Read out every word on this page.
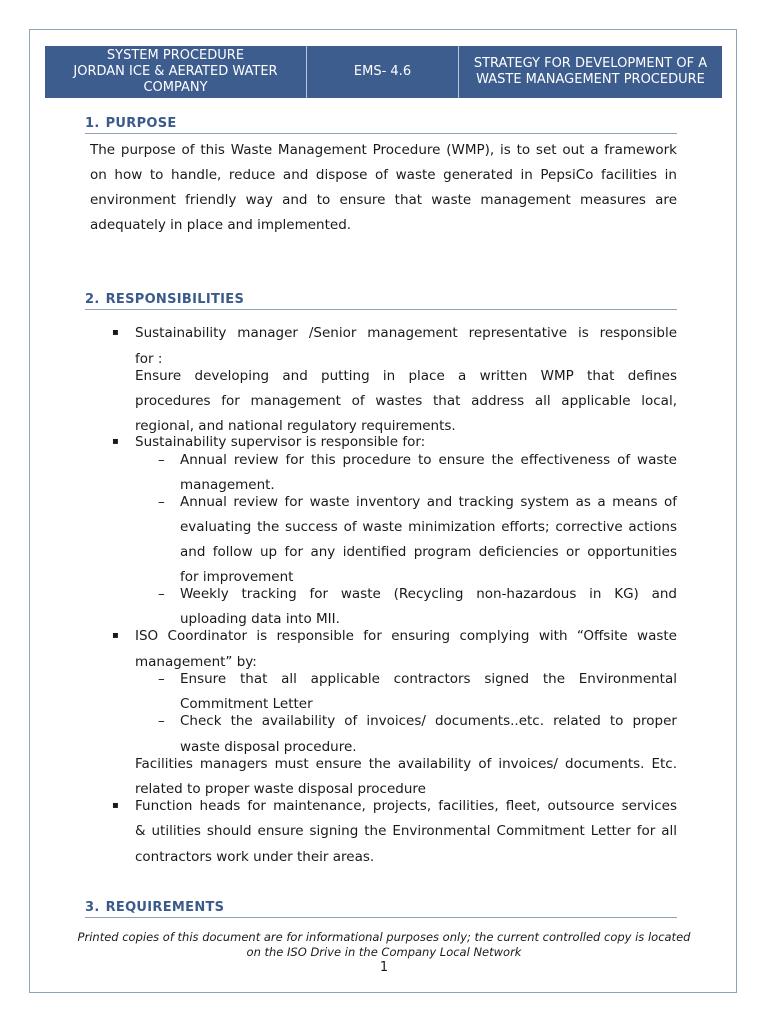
SYSTEM PROCEDURE
JORDAN ICE & AERATED WATER
COMPANY
EMS- 4.6
STRATEGY FOR DEVELOPMENT OF A
WASTE MANAGEMENT PROCEDURE
1. PURPOSE
The purpose of this Waste Management Procedure (WMP), is to set out a framework
on how to handle, reduce and dispose of waste generated in PepsiCo facilities in
environment friendly way and to ensure that waste management measures are
adequately in place and implemented.
2. RESPONSIBILITIES
▪ Sustainability manager /Senior management representative is responsible
for :
Ensure developing and putting in place a written WMP that defines
procedures for management of wastes that address all applicable local,
regional, and national regulatory requirements.
▪ Sustainability supervisor is responsible for:
– Annual review for this procedure to ensure the effectiveness of waste
management.
– Annual review for waste inventory and tracking system as a means of
evaluating the success of waste minimization efforts; corrective actions
and follow up for any identified program deficiencies or opportunities
for improvement
– Weekly tracking for waste (Recycling non-hazardous in KG) and
uploading data into MII.
▪ ISO Coordinator is responsible for ensuring complying with “Offsite waste
management” by:
– Ensure that all applicable contractors signed the Environmental
Commitment Letter
– Check the availability of invoices/ documents..etc. related to proper
waste disposal procedure.
Facilities managers must ensure the availability of invoices/ documents. Etc.
related to proper waste disposal procedure
▪ Function heads for maintenance, projects, facilities, fleet, outsource services
& utilities should ensure signing the Environmental Commitment Letter for all
contractors work under their areas.
3. REQUIREMENTS
Printed copies of this document are for informational purposes only; the current controlled copy is located
on the ISO Drive in the Company Local Network
1
